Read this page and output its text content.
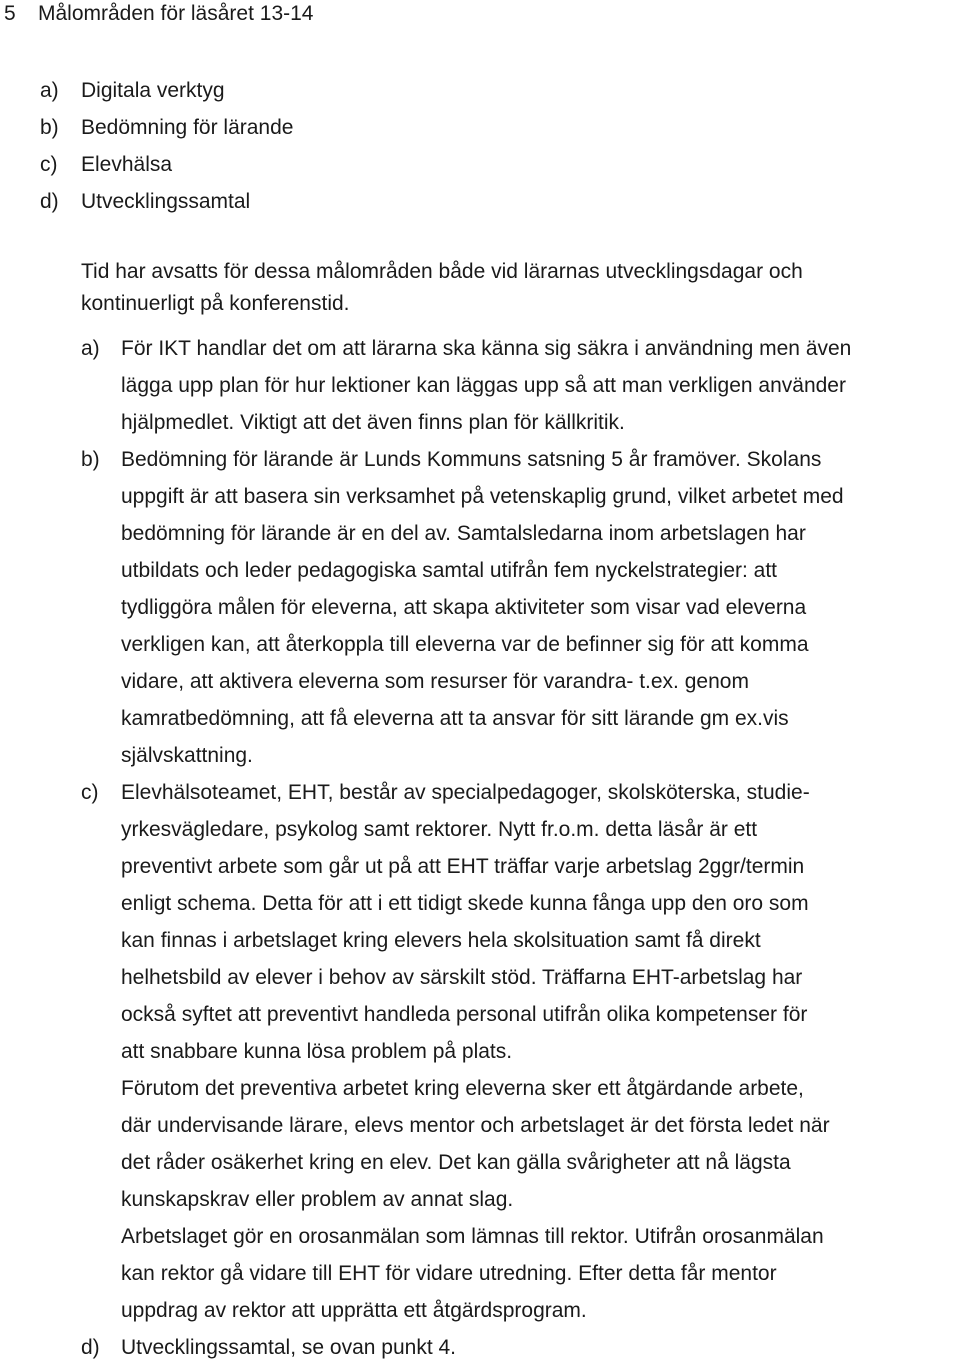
5 Målområden för läsåret 13-14
a) Digitala verktyg
b) Bedömning för lärande
c) Elevhälsa
d) Utvecklingssamtal

Tid har avsatts för dessa målområden både vid lärarnas utvecklingsdagar och

kontinuerligt på konferenstid.

a) För IKT handlar det om att lärarna ska känna sig säkra i användning men även
lägga upp plan för hur lektioner kan läggas upp så att man verkligen använder
hjälpmedlet. Viktigt att det även finns plan för källkritik.
b) Bedömning för lärande är Lunds Kommuns satsning 5 år framöver. Skolans
uppgift är att basera sin verksamhet på vetenskaplig grund, vilket arbetet med
bedömning för lärande är en del av. Samtalsledarna inom arbetslagen har
utbildats och leder pedagogiska samtal utifrån fem nyckelstrategier: att
tydliggöra målen för eleverna, att skapa aktiviteter som visar vad eleverna
verkligen kan, att återkoppla till eleverna var de befinner sig för att komma
vidare, att aktivera eleverna som resurser för varandra- t.ex. genom
kamratbedömning, att få eleverna att ta ansvar för sitt lärande gm ex.vis
självskattning.
c) Elevhälsoteamet, EHT, består av specialpedagoger, skolsköterska, studie-
yrkesvägledare, psykolog samt rektorer. Nytt fr.o.m. detta läsår är ett
preventivt arbete som går ut på att EHT träffar varje arbetslag 2ggr/termin
enligt schema. Detta för att i ett tidigt skede kunna fånga upp den oro som
kan finnas i arbetslaget kring elevers hela skolsituation samt få direkt
helhetsbild av elever i behov av särskilt stöd. Träffarna EHT-arbetslag har
också syftet att preventivt handleda personal utifrån olika kompetenser för
att snabbare kunna lösa problem på plats.
Förutom det preventiva arbetet kring eleverna sker ett åtgärdande arbete,
där undervisande lärare, elevs mentor och arbetslaget är det första ledet när
det råder osäkerhet kring en elev. Det kan gälla svårigheter att nå lägsta
kunskapskrav eller problem av annat slag.
Arbetslaget gör en orosanmälan som lämnas till rektor. Utifrån orosanmälan
kan rektor gå vidare till EHT för vidare utredning. Efter detta får mentor
uppdrag av rektor att upprätta ett åtgärdsprogram.
d) Utvecklingssamtal, se ovan punkt 4.
